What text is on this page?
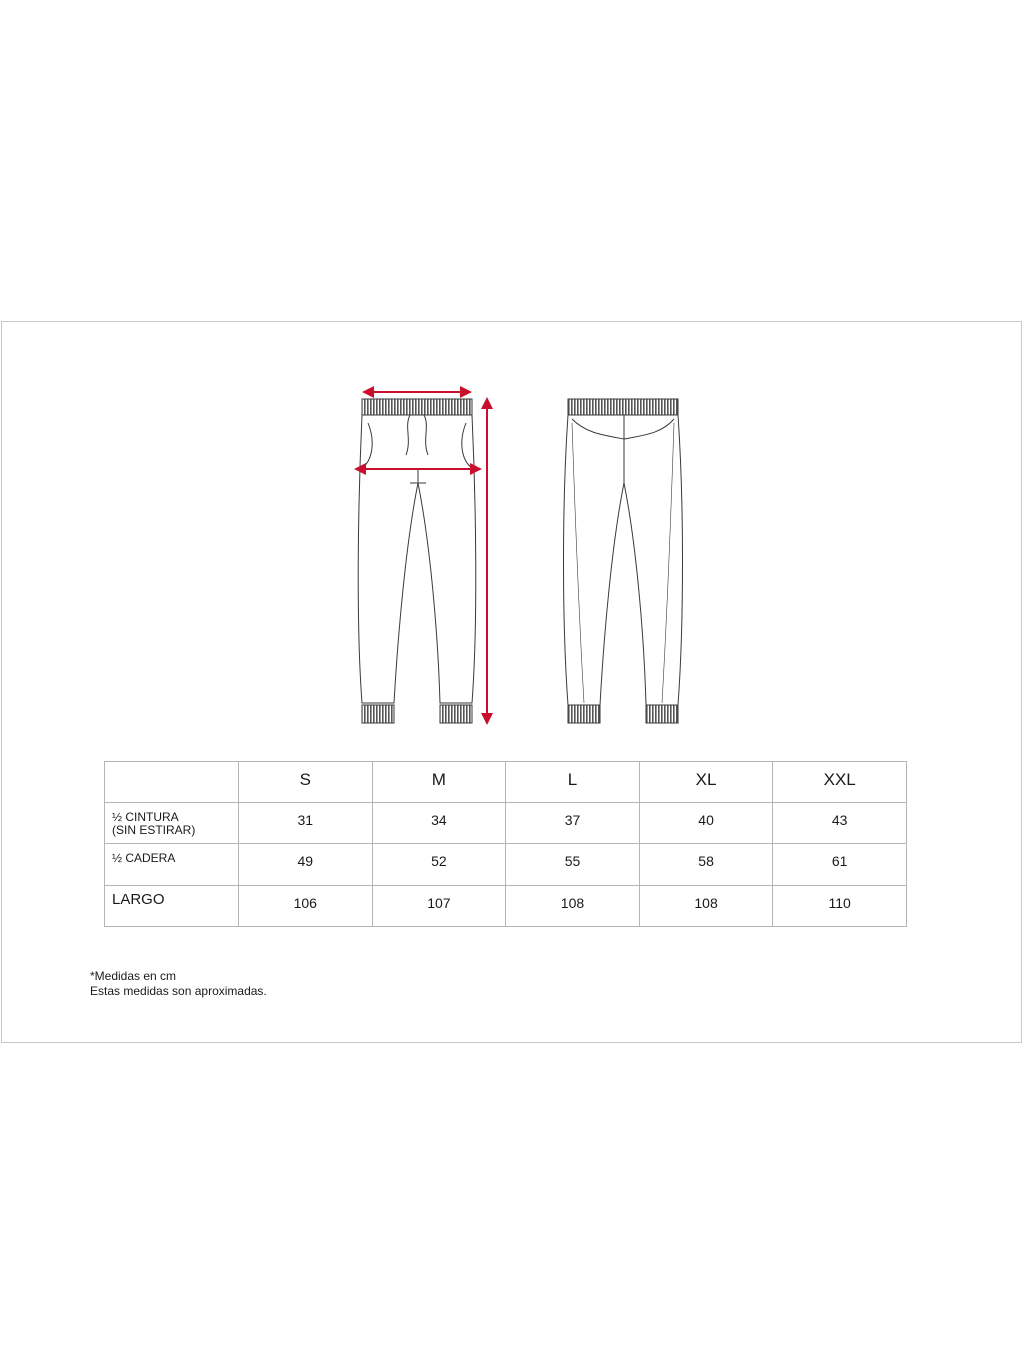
	S	M	L	XL	XXL

½ CINTURA
(SIN ESTIRAR)	31	34	37	40	43

½ CADERA	49	52	55	58	61

LARGO	106	107	108	108	110
*Medidas en cm
Estas medidas son aproximadas.
